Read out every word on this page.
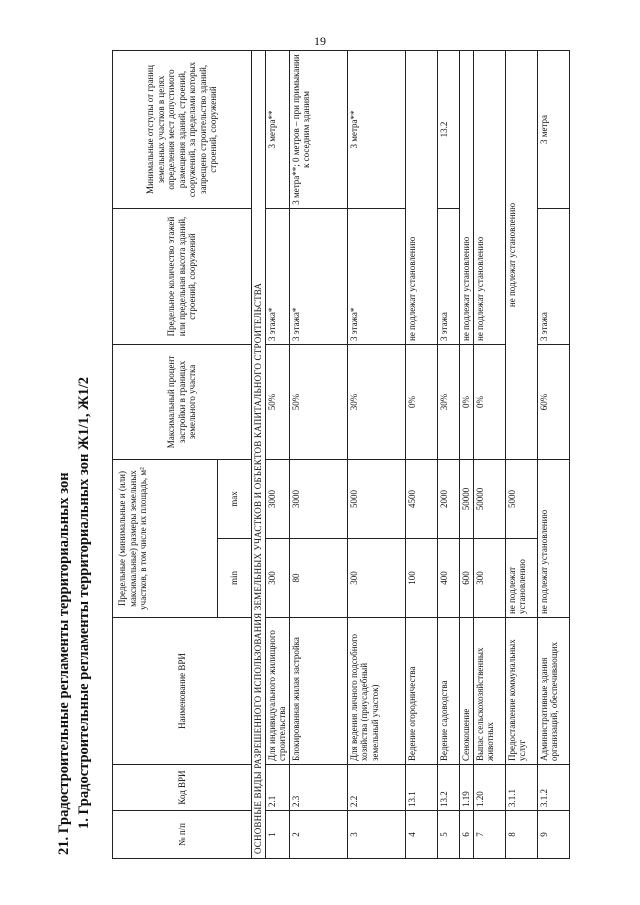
19
21. Градостроительные регламенты территориальных зон 1. Градостроительные регламенты территориальных зон Ж1/1, Ж1/2
№ п/п	Код ВРИ	Наименование ВРИ	Предельные (минимальные и (или) максимальные) размеры земельных участков, в том числе их площадь, м²		Максимальный процент застройки в границах земельного участка	Предельное количество этажей или предельная высота зданий, строений, сооружений	Минимальные отступы от границ земельных участков в целях определения мест допустимого размещения зданий, строений, сооружений, за пределами которых запрещено строительство зданий, строений, сооружений
			min	max			
ОСНОВНЫЕ ВИДЫ РАЗРЕШЕННОГО ИСПОЛЬЗОВАНИЯ ЗЕМЕЛЬНЫХ УЧАСТКОВ И ОБЪЕКТОВ КАПИТАЛЬНОГО СТРОИТЕЛЬСТВА							
1	2.1	Для индивидуального жилищного строительства	300	3000	50%	3 этажа*	3 метра**
2	2.3	Блокированная жилая застройка	80	3000	50%	3 этажа*	3 метра**; 0 метров – при примыкании к соседним зданиям
3	2.2	Для ведения личного подсобного хозяйства (приусадебный земельный участок)	300	5000	30%	3 этажа*	3 метра**
4	13.1	Ведение огородничества	100	4500	0%	не подлежат установлению	
5	13.2	Ведение садоводства	400	2000	30%	3 этажа	13.2
6	1.19	Сенокошение	600	50000	0%	не подлежат установлению	
7	1.20	Выпас сельскохозяйственных животных	300	50000	0%	не подлежат установлению	
8	3.1.1	Предоставление коммунальных услуг	не подлежат установлению	5000	не подлежат установлению		
9	3.1.2	Административные здания организаций, обеспечивающих	не подлежат установлению		60%	3 этажа	3 метра
